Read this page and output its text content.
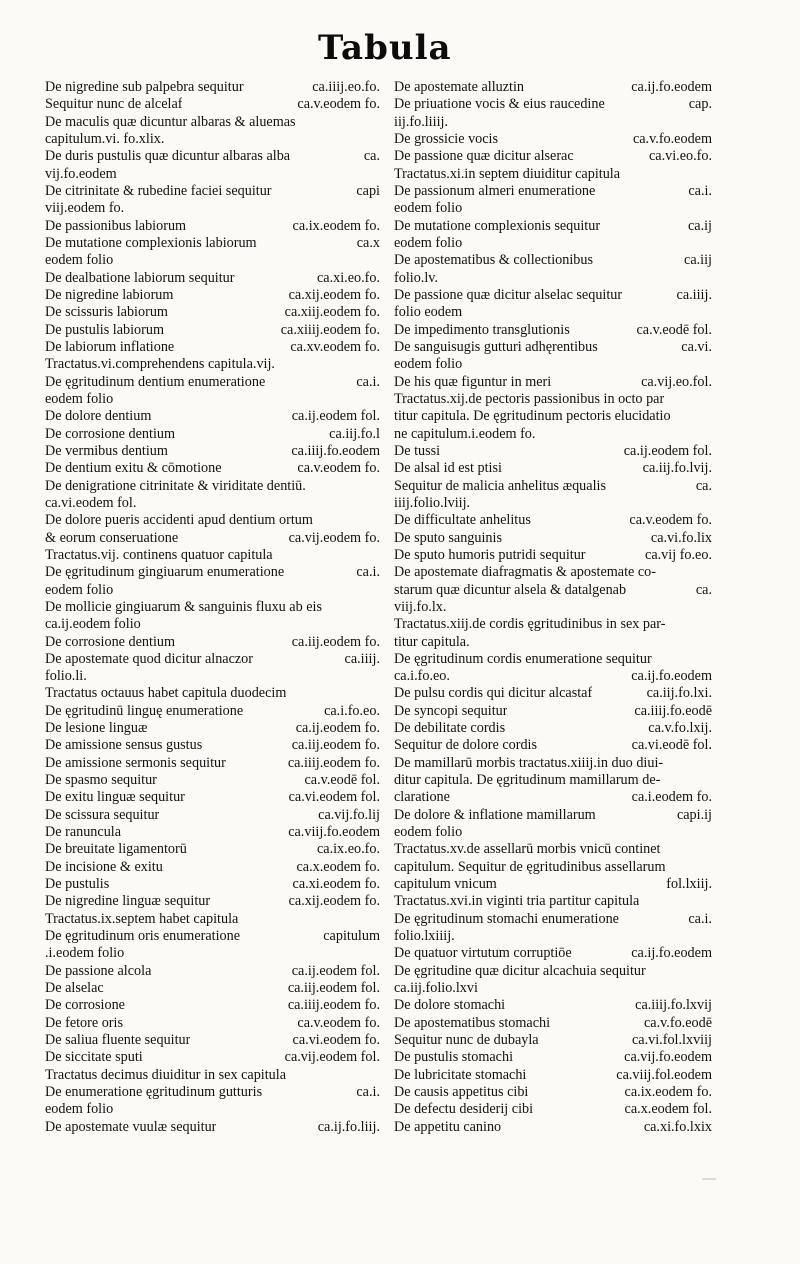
Tabula
De nigredine sub palpebra sequitur	ca.iiij.eo.fo.
Sequitur nunc de alcelaf	ca.v.eodem fo.
De maculis quæ dicuntur albaras & aluemas
capitulum.vi. fo.xlix.
De duris pustulis quæ dicuntur albaras alba	ca.
vij.fo.eodem
De citrinitate & rubedine faciei sequitur	capi
viij.eodem fo.
De passionibus labiorum	ca.ix.eodem fo.
De mutatione complexionis labiorum	ca.x
eodem folio
De dealbatione labiorum sequitur	ca.xi.eo.fo.
De nigredine labiorum	ca.xij.eodem fo.
De scissuris labiorum	ca.xiij.eodem fo.
De pustulis labiorum	ca.xiiij.eodem fo.
De labiorum inflatione	ca.xv.eodem fo.
Tractatus.vi.comprehendens capitula.vij.
De ęgritudinum dentium enumeratione	ca.i.
eodem folio
De dolore dentium	ca.ij.eodem fol.
De corrosione dentium	ca.iij.fo.l
De vermibus dentium	ca.iiij.fo.eodem
De dentium exitu & cōmotione	ca.v.eodem fo.
De denigratione citrinitate & viriditate dentiū.
ca.vi.eodem fol.
De dolore pueris accidenti apud dentium ortum
& eorum conseruatione	ca.vij.eodem fo.
Tractatus.vij. continens quatuor capitula
De ęgritudinum gingiuarum enumeratione	ca.i.
eodem folio
De mollicie gingiuarum & sanguinis fluxu ab eis
ca.ij.eodem folio
De corrosione dentium	ca.iij.eodem fo.
De apostemate quod dicitur alnaczor	ca.iiij.
folio.li.
Tractatus octauus habet capitula duodecim
De ęgritudinū linguę enumeratione	ca.i.fo.eo.
De lesione linguæ	ca.ij.eodem fo.
De amissione sensus gustus	ca.iij.eodem fo.
De amissione sermonis sequitur	ca.iiij.eodem fo.
De spasmo sequitur	ca.v.eodē fol.
De exitu linguæ sequitur	ca.vi.eodem fol.
De scissura sequitur	ca.vij.fo.lij
De ranuncula	ca.viij.fo.eodem
De breuitate ligamentorū	ca.ix.eo.fo.
De incisione & exitu	ca.x.eodem fo.
De pustulis	ca.xi.eodem fo.
De nigredine linguæ sequitur	ca.xij.eodem fo.
Tractatus.ix.septem habet capitula
De ęgritudinum oris enumeratione	capitulum
.i.eodem folio
De passione alcola	ca.ij.eodem fol.
De alselac	ca.iij.eodem fol.
De corrosione	ca.iiij.eodem fo.
De fetore oris	ca.v.eodem fo.
De saliua fluente sequitur	ca.vi.eodem fo.
De siccitate sputi	ca.vij.eodem fol.
Tractatus decimus diuiditur in sex capitula
De enumeratione ęgritudinum gutturis	ca.i.
eodem folio
De apostemate vuulæ sequitur	ca.ij.fo.liij.
De apostemate alluztin	ca.ij.fo.eodem
De priuatione vocis & eius raucedine	cap.
iij.fo.liiij.
De grossicie vocis	ca.v.fo.eodem
De passione quæ dicitur alserac	ca.vi.eo.fo.
Tractatus.xi.in septem diuiditur capitula
De passionum almeri enumeratione	ca.i.
eodem folio
De mutatione complexionis sequitur	ca.ij
eodem folio
De apostematibus & collectionibus	ca.iij
folio.lv.
De passione quæ dicitur alselac sequitur	ca.iiij.
folio eodem
De impedimento transglutionis	ca.v.eodē fol.
De sanguisugis gutturi adhęrentibus	ca.vi.
eodem folio
De his quæ figuntur in meri	ca.vij.eo.fol.
Tractatus.xij.de pectoris passionibus in octo par
titur capitula. De ęgritudinum pectoris elucidatio
ne capitulum.i.eodem fo.
De tussi	ca.ij.eodem fol.
De alsal id est ptisi	ca.iij.fo.lvij.
Sequitur de malicia anhelitus æqualis	ca.
iiij.folio.lviij.
De difficultate anhelitus	ca.v.eodem fo.
De sputo sanguinis	ca.vi.fo.lix
De sputo humoris putridi sequitur	ca.vij fo.eo.
De apostemate diafragmatis & apostemate co-
starum quæ dicuntur alsela & datalgenab	ca.
viij.fo.lx.
Tractatus.xiij.de cordis ęgritudinibus in sex par-
titur capitula.
De ęgritudinum cordis enumeratione sequitur
ca.i.fo.eo.	ca.ij.fo.eodem
De pulsu cordis qui dicitur alcastaf	ca.iij.fo.lxi.
De syncopi sequitur	ca.iiij.fo.eodē
De debilitate cordis	ca.v.fo.lxij.
Sequitur de dolore cordis	ca.vi.eodē fol.
De mamillarū morbis tractatus.xiiij.in duo diui-
ditur capitula. De ęgritudinum mamillarum de-
claratione	ca.i.eodem fo.
De dolore & inflatione mamillarum	capi.ij
eodem folio
Tractatus.xv.de assellarū morbis vnicū continet
capitulum. Sequitur de ęgritudinibus assellarum
capitulum vnicum	fol.lxiij.
Tractatus.xvi.in viginti tria partitur capitula
De ęgritudinum stomachi enumeratione	ca.i.
folio.lxiiij.
De quatuor virtutum corruptiōe	ca.ij.fo.eodem
De ęgritudine quæ dicitur alcachuia sequitur
ca.iij.folio.lxvi
De dolore stomachi	ca.iiij.fo.lxvij
De apostematibus stomachi	ca.v.fo.eodē
Sequitur nunc de dubayla	ca.vi.fol.lxviij
De pustulis stomachi	ca.vij.fo.eodem
De lubricitate stomachi	ca.viij.fol.eodem
De causis appetitus cibi	ca.ix.eodem fo.
De defectu desiderij cibi	ca.x.eodem fol.
De appetitu canino	ca.xi.fo.lxix
